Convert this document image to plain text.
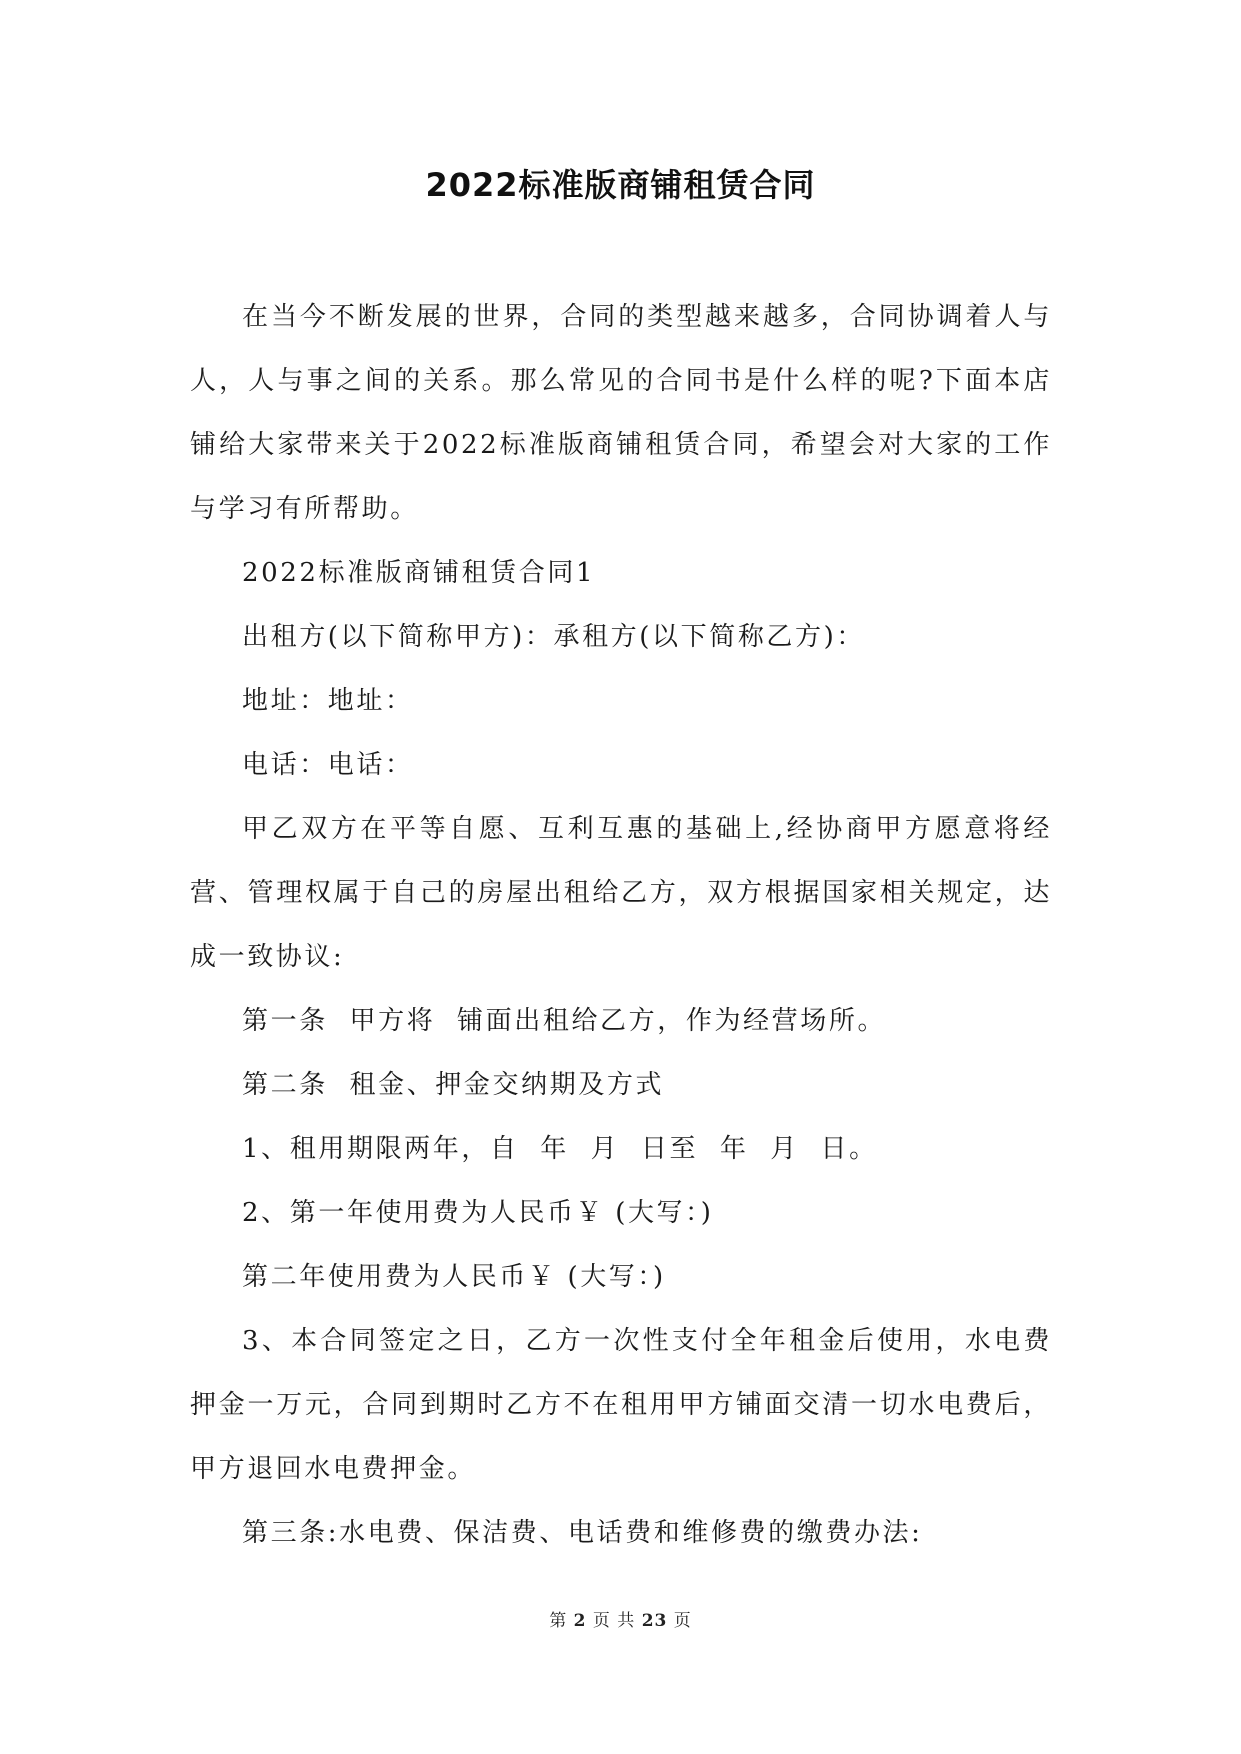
2022标准版商铺租赁合同

在当今不断发展的世界，合同的类型越来越多，合同协调着人与人，人与事之间的关系。那么常见的合同书是什么样的呢?下面本店铺给大家带来关于2022标准版商铺租赁合同，希望会对大家的工作与学习有所帮助。

2022标准版商铺租赁合同1

出租方(以下简称甲方)：承租方(以下简称乙方)：

地址：地址：

电话：电话：

甲乙双方在平等自愿、互利互惠的基础上,经协商甲方愿意将经营、管理权属于自己的房屋出租给乙方，双方根据国家相关规定，达成一致协议:

第一条  甲方将  铺面出租给乙方，作为经营场所。

第二条  租金、押金交纳期及方式

1、租用期限两年，自  年  月  日至  年  月  日。

2、第一年使用费为人民币￥ (大写：)

第二年使用费为人民币￥ (大写：)

3、本合同签定之日，乙方一次性支付全年租金后使用，水电费押金一万元，合同到期时乙方不在租用甲方铺面交清一切水电费后，甲方退回水电费押金。

第三条:水电费、保洁费、电话费和维修费的缴费办法:

第 2 页 共 23 页
